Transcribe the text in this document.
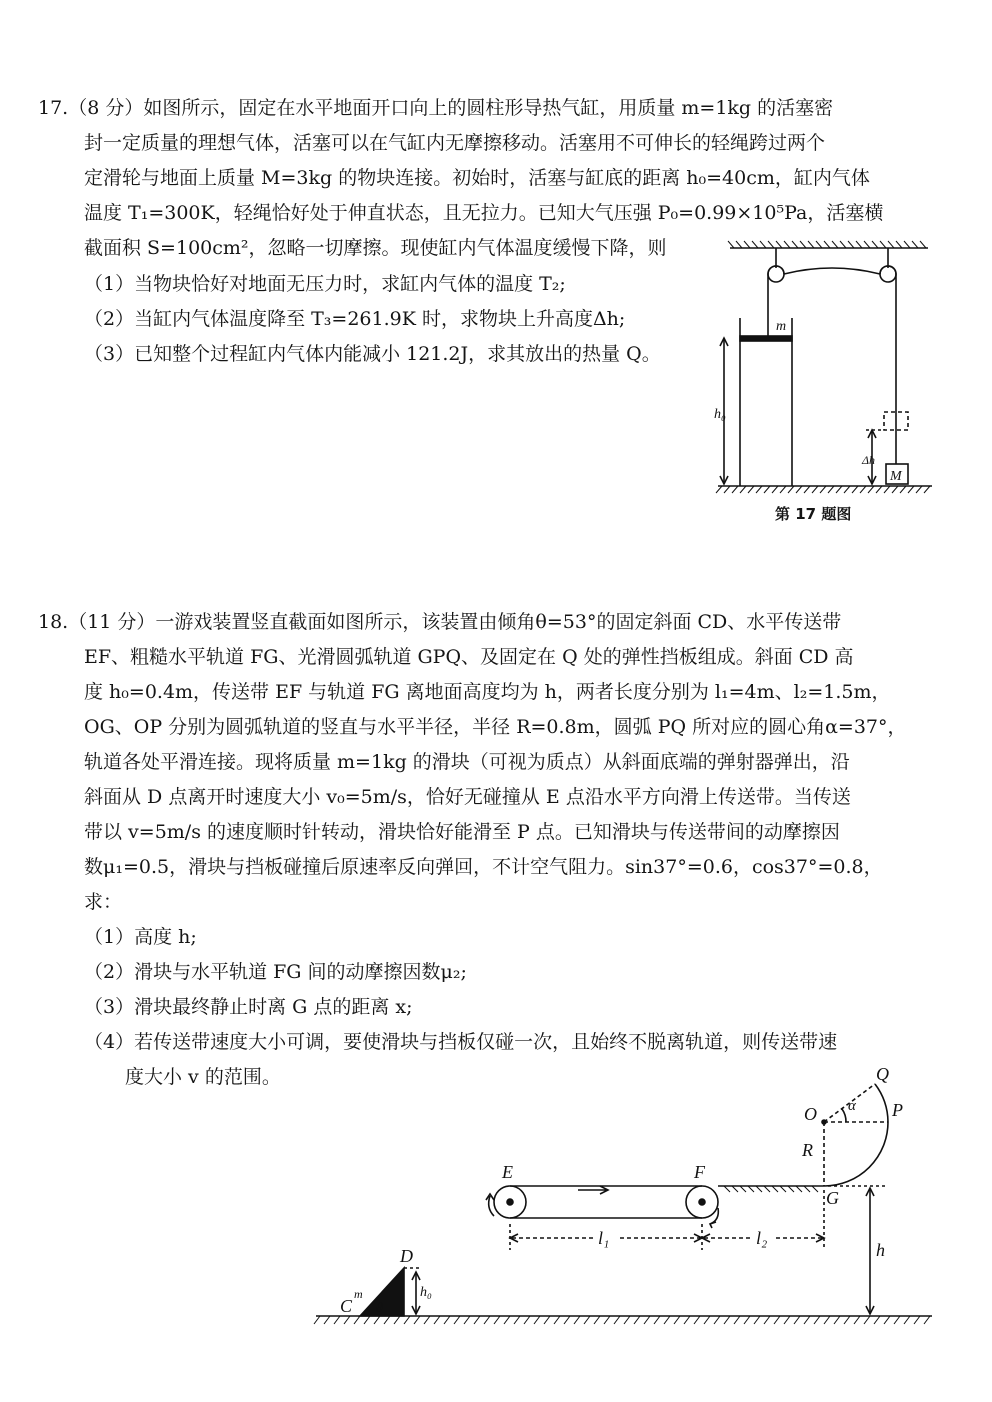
17.（8 分）如图所示，固定在水平地面开口向上的圆柱形导热气缸，用质量 m=1kg 的活塞密
封一定质量的理想气体，活塞可以在气缸内无摩擦移动。活塞用不可伸长的轻绳跨过两个
定滑轮与地面上质量 M=3kg 的物块连接。初始时，活塞与缸底的距离 h₀=40cm，缸内气体
温度 T₁=300K，轻绳恰好处于伸直状态，且无拉力。已知大气压强 P₀=0.99×10⁵Pa，活塞横
截面积 S=100cm²，忽略一切摩擦。现使缸内气体温度缓慢下降，则
（1）当物块恰好对地面无压力时，求缸内气体的温度 T₂;
（2）当缸内气体温度降至 T₃=261.9K 时，求物块上升高度Δh;
（3）已知整个过程缸内气体内能减小 121.2J，求其放出的热量 Q。
m
h₀
Δh
M
第 17 题图
18.（11 分）一游戏装置竖直截面如图所示，该装置由倾角θ=53°的固定斜面 CD、水平传送带
EF、粗糙水平轨道 FG、光滑圆弧轨道 GPQ、及固定在 Q 处的弹性挡板组成。斜面 CD 高
度 h₀=0.4m，传送带 EF 与轨道 FG 离地面高度均为 h，两者长度分别为 l₁=4m、l₂=1.5m，
OG、OP 分别为圆弧轨道的竖直与水平半径，半径 R=0.8m，圆弧 PQ 所对应的圆心角α=37°，
轨道各处平滑连接。现将质量 m=1kg 的滑块（可视为质点）从斜面底端的弹射器弹出，沿
斜面从 D 点离开时速度大小 v₀=5m/s，恰好无碰撞从 E 点沿水平方向滑上传送带。当传送
带以 v=5m/s 的速度顺时针转动，滑块恰好能滑至 P 点。已知滑块与传送带间的动摩擦因
数μ₁=0.5，滑块与挡板碰撞后原速率反向弹回，不计空气阻力。sin37°=0.6，cos37°=0.8，
求：
（1）高度 h;
（2）滑块与水平轨道 FG 间的动摩擦因数μ₂;
（3）滑块最终静止时离 G 点的距离 x;
（4）若传送带速度大小可调，要使滑块与挡板仅碰一次，且始终不脱离轨道，则传送带速
度大小 v 的范围。	Q
O α P
R
E	F
G
l₁	l₂
h
D
C
m
θ
h₀
